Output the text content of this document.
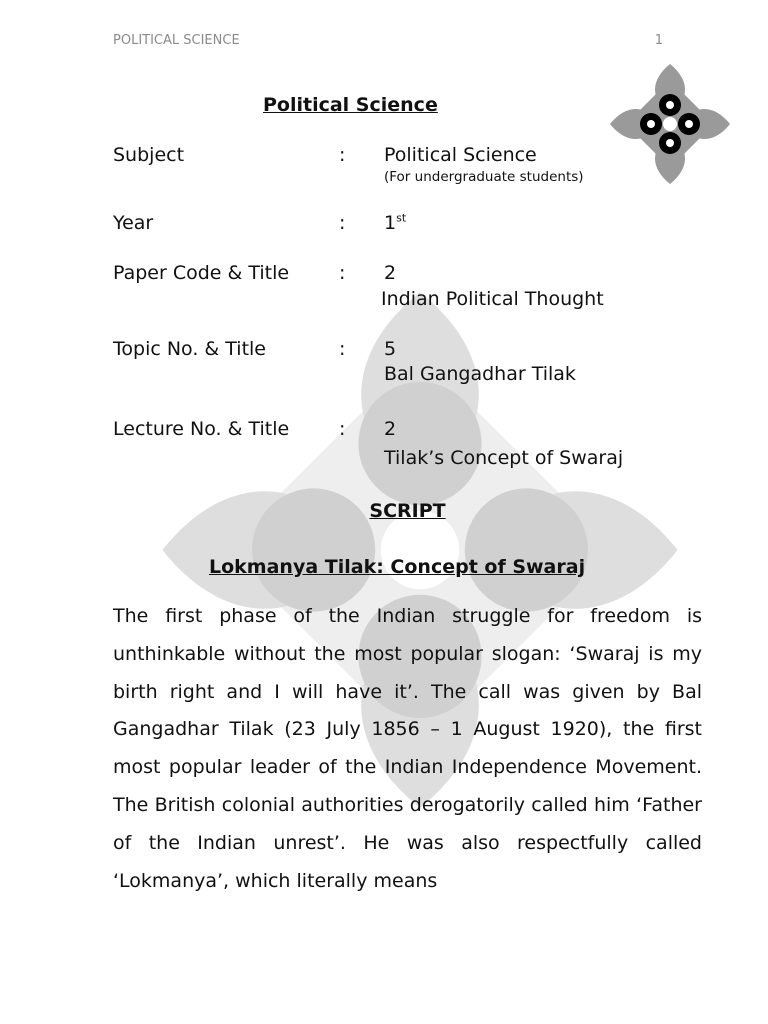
POLITICAL SCIENCE	1
Political Science
Subject	: Political Science
(For undergraduate students)
Year	: 1st
Paper Code & Title	: 2
Indian Political Thought
Topic No. & Title	: 5
Bal Gangadhar Tilak
Lecture No. & Title	: 2
Tilak’s Concept of Swaraj
SCRIPT
Lokmanya Tilak: Concept of Swaraj
The first phase of the Indian struggle for freedom is unthinkable without the most popular slogan: ‘Swaraj is my birth right and I will have it’. The call was given by Bal Gangadhar Tilak (23 July 1856 – 1 August 1920), the first most popular leader of the Indian Independence Movement. The British colonial authorities derogatorily called him ‘Father of the Indian unrest’. He was also respectfully called ‘Lokmanya’, which literally means
